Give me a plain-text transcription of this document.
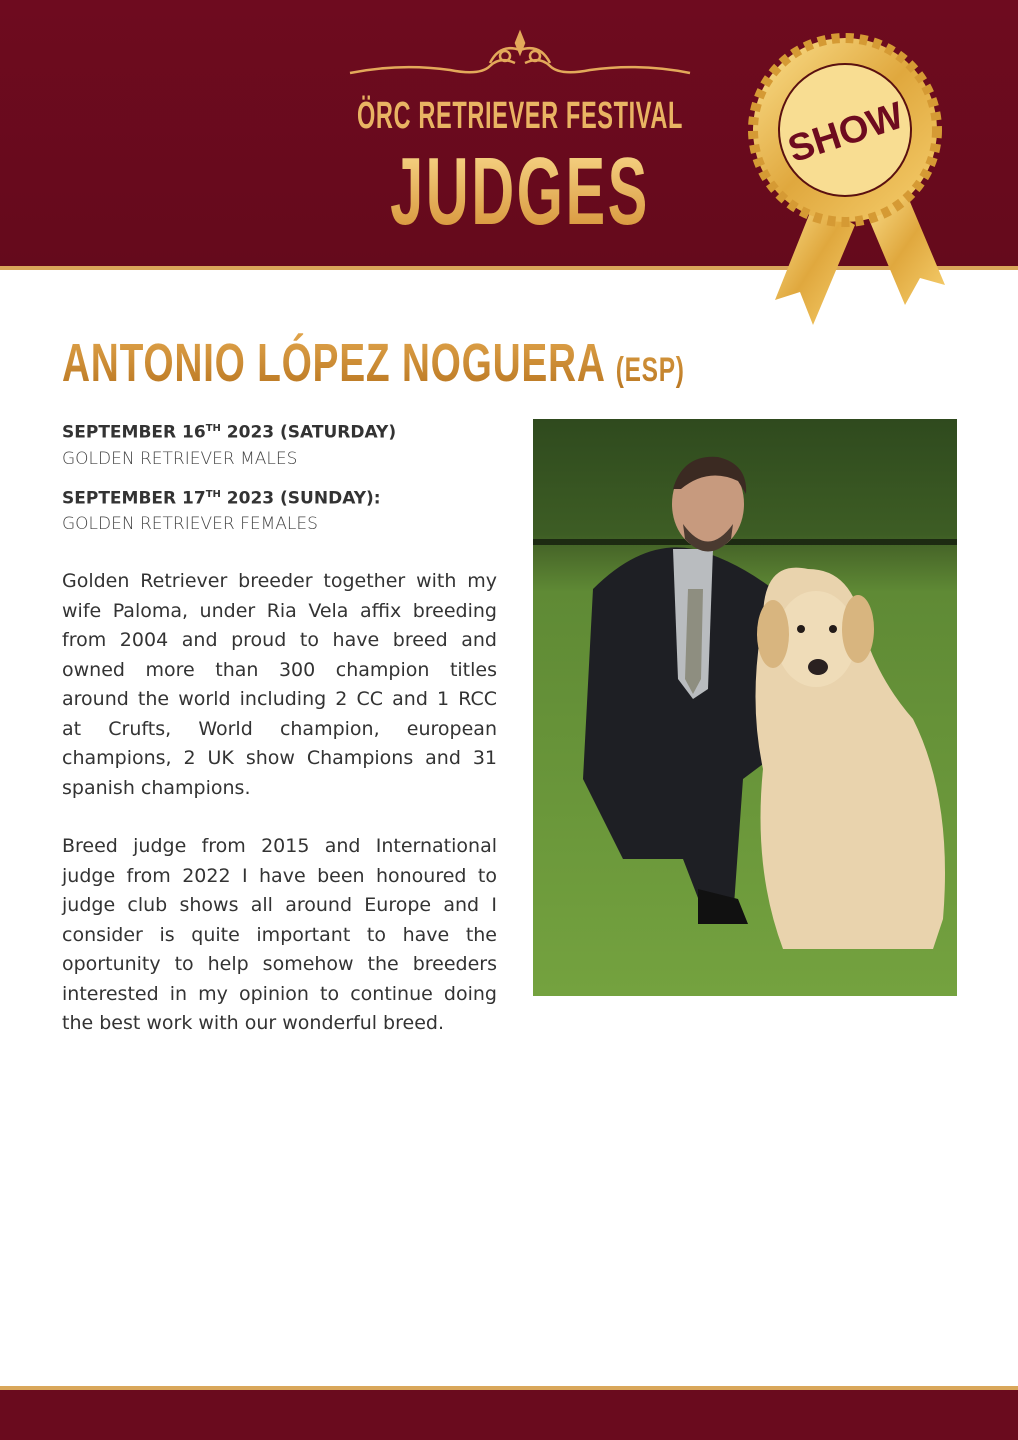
ÖRC RETRIEVER FESTIVAL
JUDGES
SHOW
ANTONIO LÓPEZ NOGUERA (ESP)
SEPTEMBER 16TH 2023 (SATURDAY)
GOLDEN RETRIEVER MALES
SEPTEMBER 17TH 2023 (SUNDAY):
GOLDEN RETRIEVER FEMALES

Golden Retriever breeder together with my wife Paloma, under Ria Vela affix breeding from 2004 and proud to have breed and owned more than 300 champion titles around the world including 2 CC and 1 RCC at Crufts, World champion, european champions, 2 UK show Champions and 31 spanish champions.

Breed judge from 2015 and International judge from 2022 I have been honoured to judge club shows all around Europe and I consider is quite important to have the oportunity to help somehow the breeders interested in my opinion to continue doing the best work with our wonderful breed.
